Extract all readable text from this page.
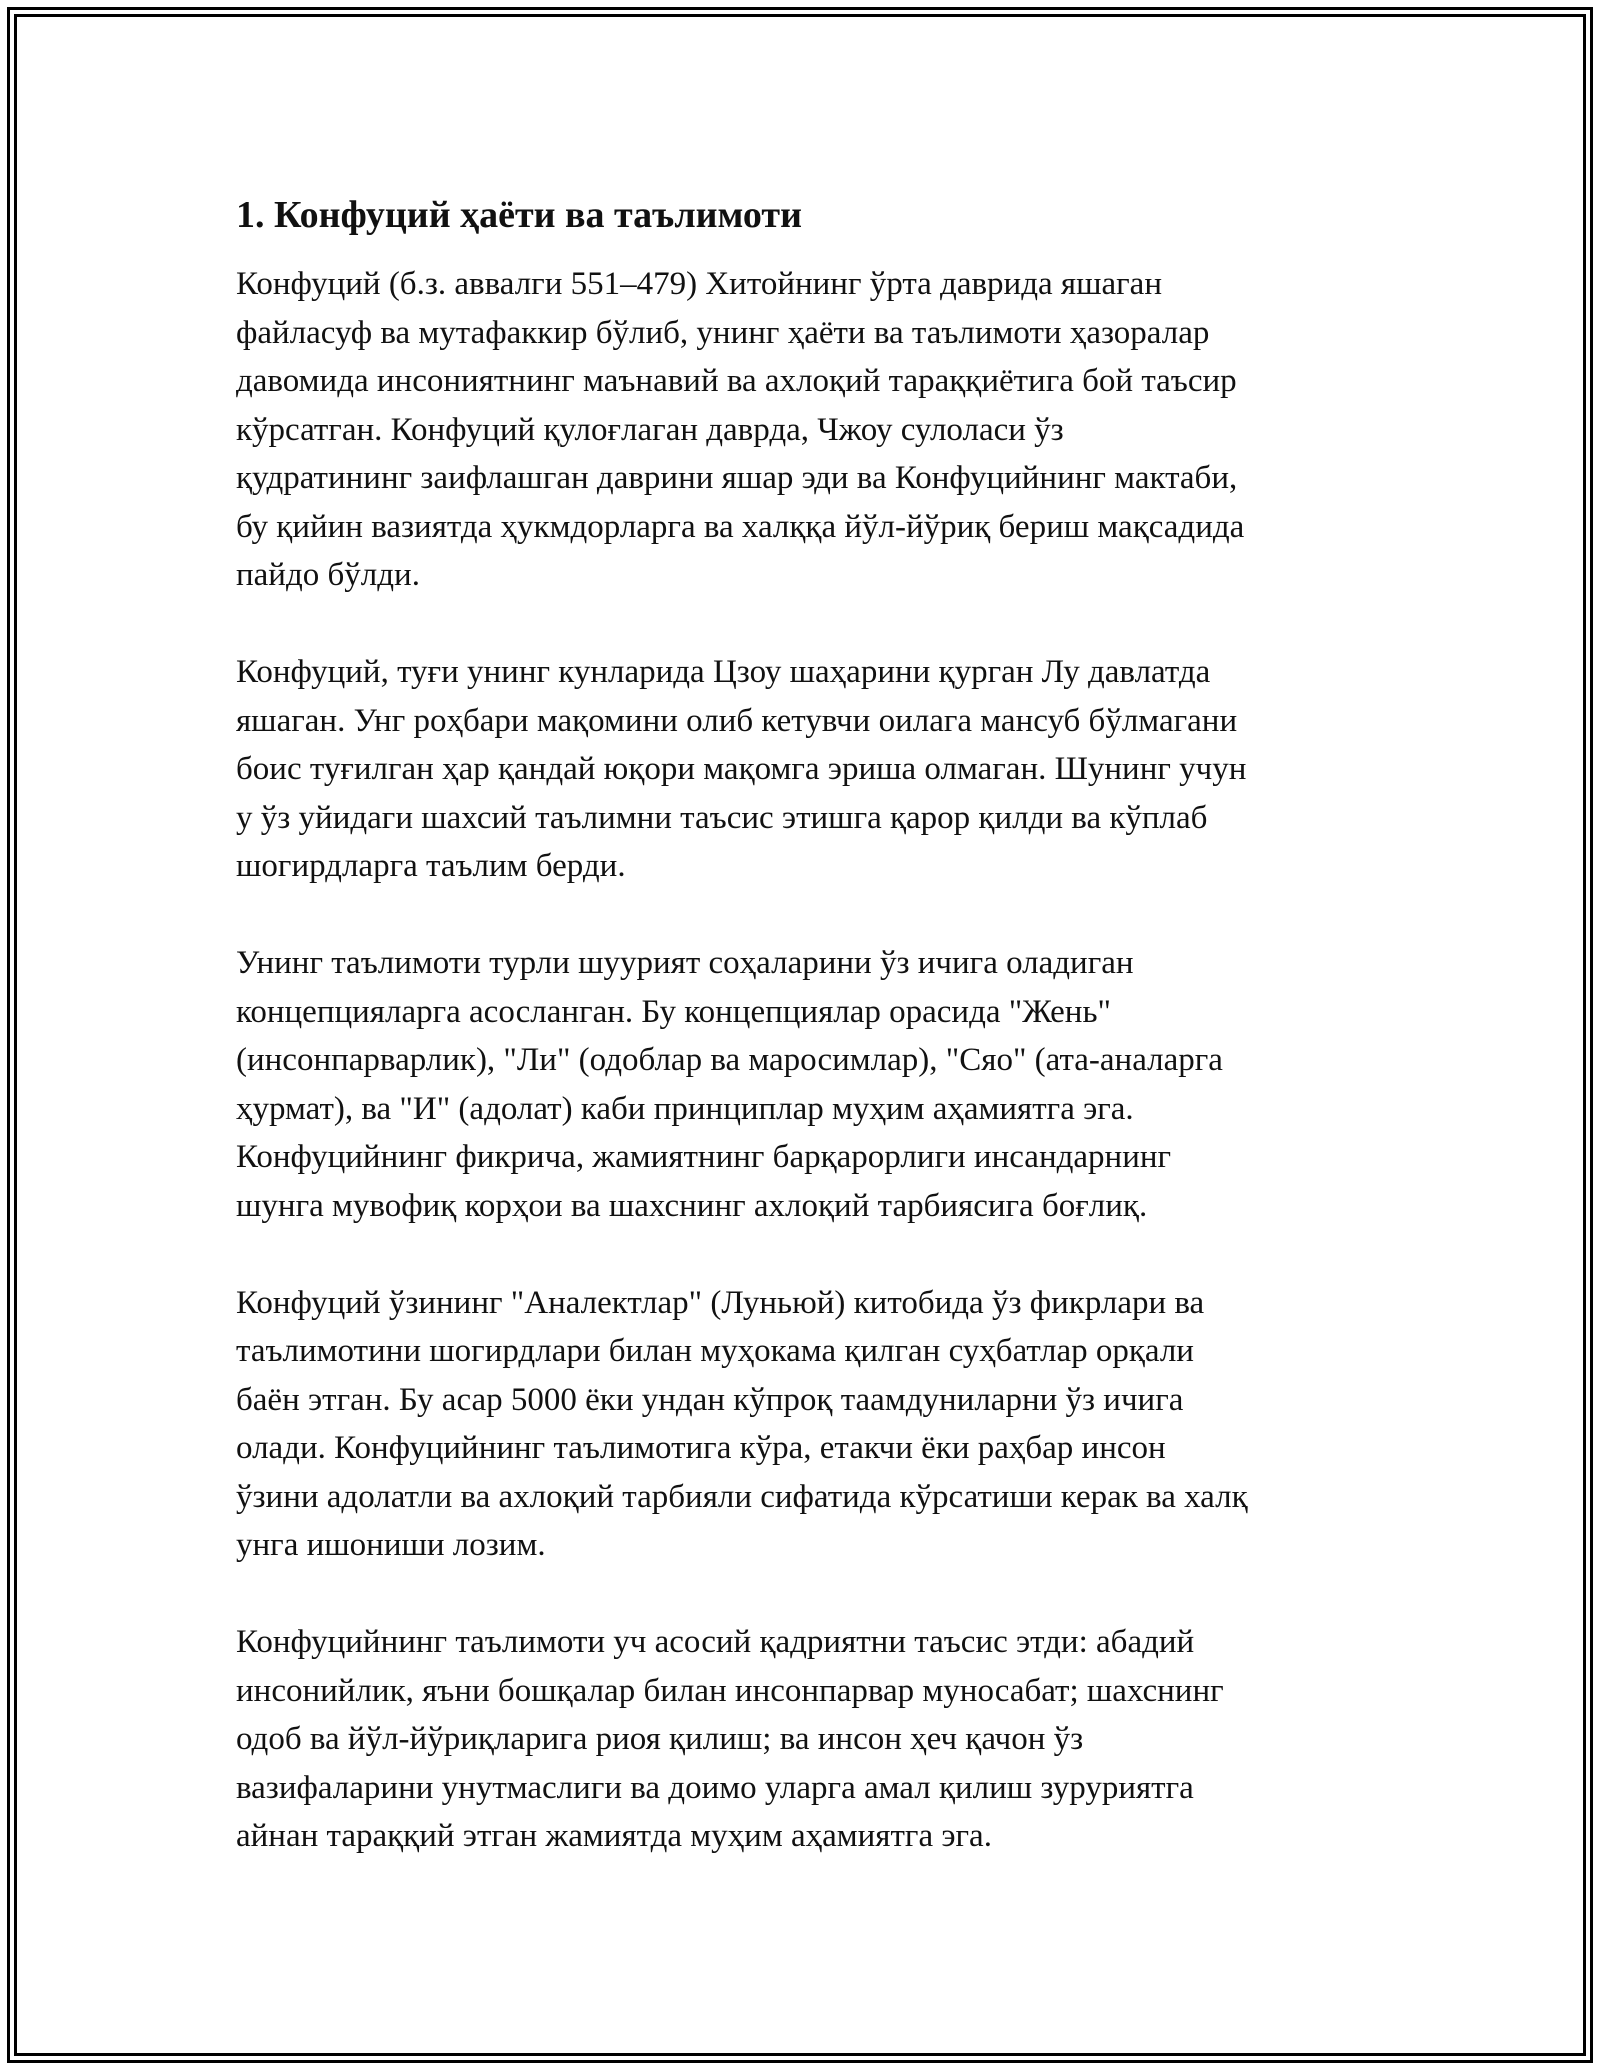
1. Конфуций ҳаёти ва таълимоти
Конфуций (б.з. аввалги 551–479) Хитойнинг ўрта даврида яшаган
файласуф ва мутафаккир бўлиб, унинг ҳаёти ва таълимоти ҳазоралар
давомида инсониятнинг маънавий ва ахлоқий тараққиётига бой таъсир
кўрсатган. Конфуций қулоғлаган даврда, Чжоу сулоласи ўз
қудратининг заифлашган даврини яшар эди ва Конфуцийнинг мактаби,
бу қийин вазиятда ҳукмдорларга ва халққа йўл-йўриқ бериш мақсадида
пайдо бўлди.
Конфуций, туғи унинг кунларида Цзоу шаҳарини қурган Лу давлатда
яшаган. Унг роҳбари мақомини олиб кетувчи оилага мансуб бўлмагани
боис туғилган ҳар қандай юқори мақомга эриша олмаган. Шунинг учун
у ўз уйидаги шахсий таълимни таъсис этишга қарор қилди ва кўплаб
шогирдларга таълим берди.
Унинг таълимоти турли шуурият соҳаларини ўз ичига оладиган
концепцияларга асосланган. Бу концепциялар орасида "Жень"
(инсонпарварлик), "Ли" (одоблар ва маросимлар), "Сяо" (ата-аналарга
ҳурмат), ва "И" (адолат) каби принциплар муҳим аҳамиятга эга.
Конфуцийнинг фикрича, жамиятнинг барқарорлиги инсандарнинг
шунга мувофиқ корҳои ва шахснинг ахлоқий тарбиясига боғлиқ.
Конфуций ўзининг "Аналектлар" (Луньюй) китобида ўз фикрлари ва
таълимотини шогирдлари билан муҳокама қилган суҳбатлар орқали
баён этган. Бу асар 5000 ёки ундан кўпроқ таамдуниларни ўз ичига
олади. Конфуцийнинг таълимотига кўра, етакчи ёки раҳбар инсон
ўзини адолатли ва ахлоқий тарбияли сифатида кўрсатиши керак ва халқ
унга ишониши лозим.
Конфуцийнинг таълимоти уч асосий қадриятни таъсис этди: абадий
инсонийлик, яъни бошқалар билан инсонпарвар муносабат; шахснинг
одоб ва йўл-йўриқларига риоя қилиш; ва инсон ҳеч қачон ўз
вазифаларини унутмаслиги ва доимо уларга амал қилиш зуруриятга
айнан тараққий этган жамиятда муҳим аҳамиятга эга.
